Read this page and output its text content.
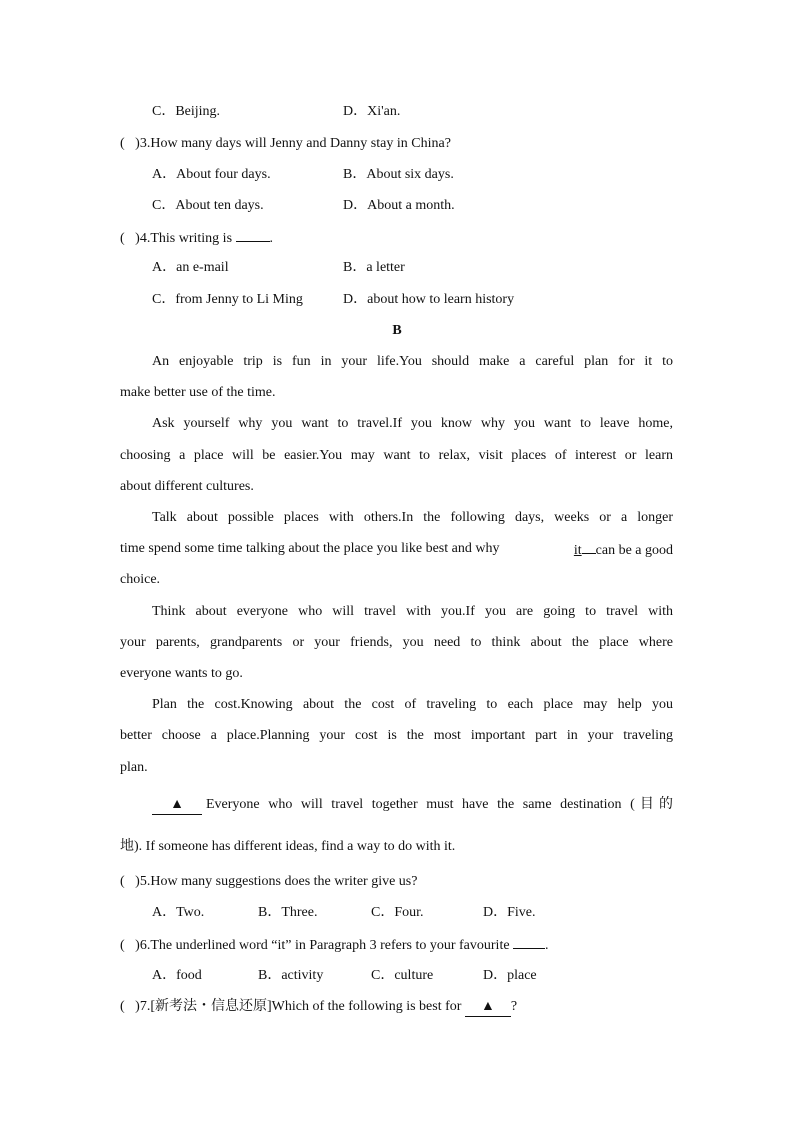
C．Beijing.	D．Xi'an.
( )3.How many days will Jenny and Danny stay in China?
A．About four days.	B．About six days.
C．About ten days.	D．About a month.
( )4.This writing is	.
A．an e-mail	B．a letter
C．from Jenny to Li Ming	D．about how to learn history
B
An enjoyable trip is fun in your life.You should make a careful plan for it to
make better use of the time.
Ask yourself why you want to travel.If you know why you want to leave home,
choosing a place will be easier.You may want to relax, visit places of interest or learn
about different cultures.
Talk about possible places with others.In the following days, weeks or a longer
time spend some time talking about the place you like best and why	it can be a good
choice.
Think about everyone who will travel with you.If you are going to travel with
your parents, grandparents or your friends, you need to think about the place where
everyone wants to go.
Plan the cost.Knowing about the cost of traveling to each place may help you
better choose a place.Planning your cost is the most important part in your traveling
plan.
▲	Everyone who will travel together must have the same destination (目的
地). If someone has different ideas, find a way to do with it.
( )5.How many suggestions does the writer give us?
A．Two.	B．Three.	C．Four.	D．Five.
( )6.The underlined word “it” in Paragraph 3 refers to your favourite	.
A．food	B．activity	C．culture	D．place
( )7.[新考法・信息还原]Which of the following is best for ▲ ?
